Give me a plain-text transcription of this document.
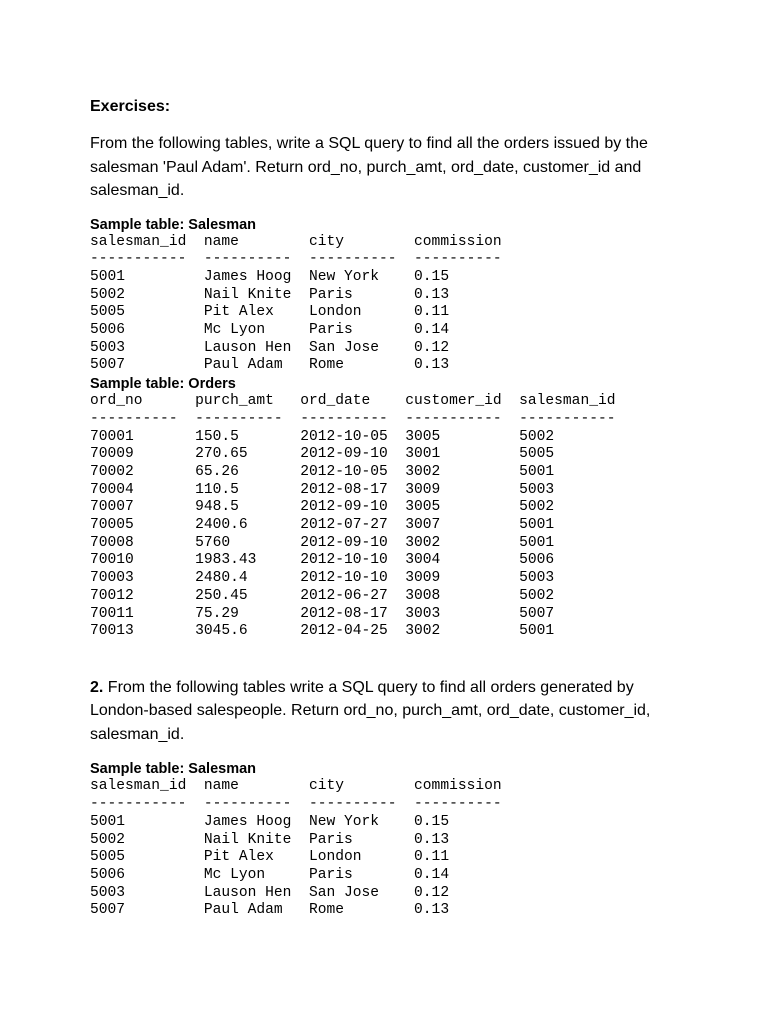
Exercises:

From the following tables, write a SQL query to find all the orders issued by the salesman 'Paul Adam'. Return ord_no, purch_amt, ord_date, customer_id and salesman_id.

Sample table: Salesman

salesman_id  name        city        commission
-----------  ----------  ----------  ----------
5001         James Hoog  New York    0.15
5002         Nail Knite  Paris       0.13
5005         Pit Alex    London      0.11
5006         Mc Lyon     Paris       0.14
5003         Lauson Hen  San Jose    0.12
5007         Paul Adam   Rome        0.13

Sample table: Orders

ord_no      purch_amt   ord_date    customer_id  salesman_id
----------  ----------  ----------  -----------  -----------
70001       150.5       2012-10-05  3005         5002
70009       270.65      2012-09-10  3001         5005
70002       65.26       2012-10-05  3002         5001
70004       110.5       2012-08-17  3009         5003
70007       948.5       2012-09-10  3005         5002
70005       2400.6      2012-07-27  3007         5001
70008       5760        2012-09-10  3002         5001
70010       1983.43     2012-10-10  3004         5006
70003       2480.4      2012-10-10  3009         5003
70012       250.45      2012-06-27  3008         5002
70011       75.29       2012-08-17  3003         5007
70013       3045.6      2012-04-25  3002         5001

2. From the following tables write a SQL query to find all orders generated by London-based salespeople. Return ord_no, purch_amt, ord_date, customer_id, salesman_id.

Sample table: Salesman

salesman_id  name        city        commission
-----------  ----------  ----------  ----------
5001         James Hoog  New York    0.15
5002         Nail Knite  Paris       0.13
5005         Pit Alex    London      0.11
5006         Mc Lyon     Paris       0.14
5003         Lauson Hen  San Jose    0.12
5007         Paul Adam   Rome        0.13
